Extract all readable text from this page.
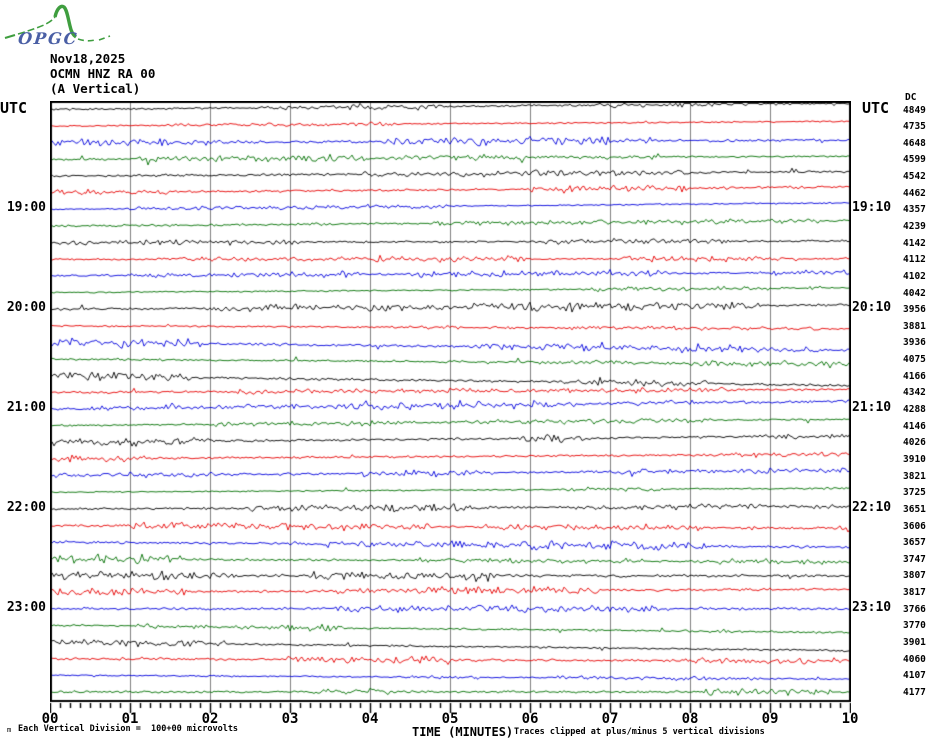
OPGC
Nov18,2025
OCMN HNZ RA 00
(A Vertical)
UTC	UTC
DC
19:00
20:00
21:00
22:00
23:00
19:10
20:10
21:10
22:10
23:10
4849
4735
4648
4599
4542
4462
4357
4239
4142
4112
4102
4042
3956
3881
3936
4075
4166
4342
4288
4146
4026
3910
3821
3725
3651
3606
3657
3747
3807
3817
3766
3770
3901
4060
4107
4177
00	01	02	03	04	05	06	07	08	09	10
m Each Vertical Division =  100+00 microvolts	TIME (MINUTES) Traces clipped at plus/minus 5 vertical divisions
